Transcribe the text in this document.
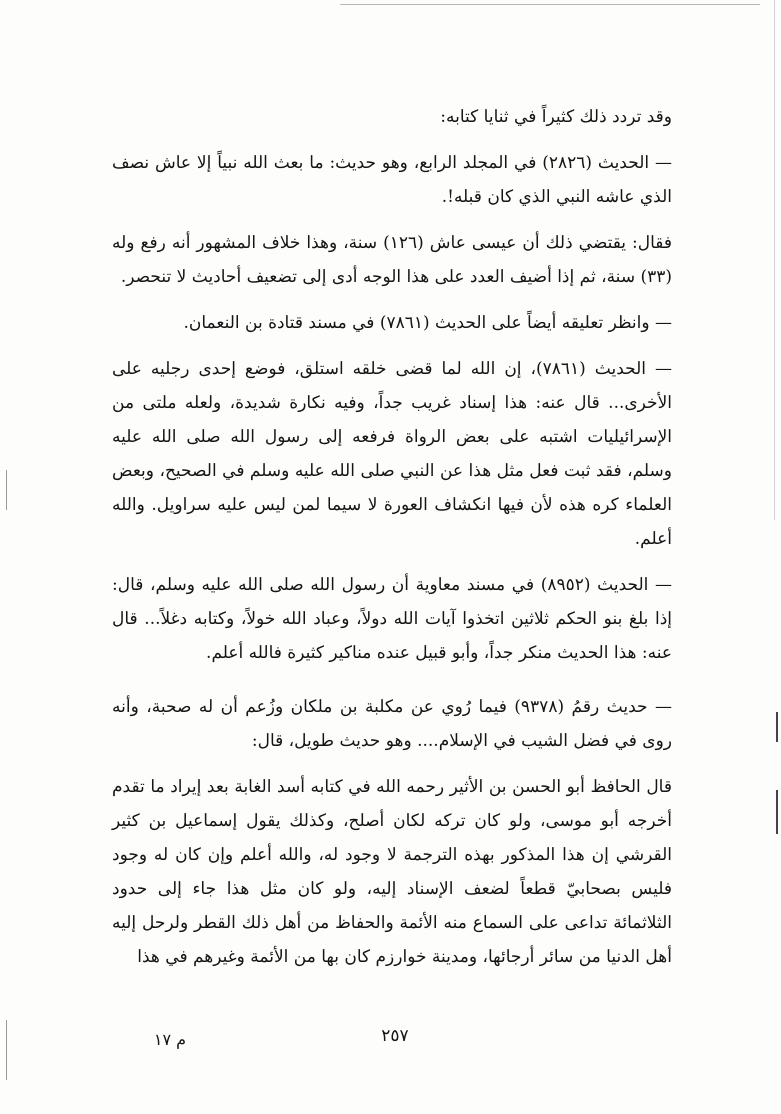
وقد تردد ذلك كثيراً في ثنايا كتابه:

— الحديث (٢٨٢٦) في المجلد الرابع، وهو حديث: ما بعث الله نبياً إلا عاش نصف الذي عاشه النبي الذي كان قبله!.

فقال: يقتضي ذلك أن عيسى عاش (١٢٦) سنة، وهذا خلاف المشهور أنه رفع وله (٣٣) سنة، ثم إذا أضيف العدد على هذا الوجه أدى إلى تضعيف أحاديث لا تنحصر.

— وانظر تعليقه أيضاً على الحديث (٧٨٦١) في مسند قتادة بن النعمان.

— الحديث (٧٨٦١)، إن الله لما قضى خلقه استلق، فوضع إحدى رجليه على الأخرى... قال عنه: هذا إسناد غريب جداً، وفيه نكارة شديدة، ولعله ملتى من الإسرائيليات اشتبه على بعض الرواة فرفعه إلى رسول الله صلى الله عليه وسلم، فقد ثبت فعل مثل هذا عن النبي صلى الله عليه وسلم في الصحيح، وبعض العلماء كره هذه لأن فيها انكشاف العورة لا سيما لمن ليس عليه سراويل. والله أعلم.

— الحديث (٨٩٥٢) في مسند معاوية أن رسول الله صلى الله عليه وسلم، قال: إذا بلغ بنو الحكم ثلاثين اتخذوا آيات الله دولاً، وعباد الله خولاً، وكتابه دغلاً... قال عنه: هذا الحديث منكر جداً، وأبو قبيل عنده مناكير كثيرة فالله أعلم.

— حديث رقمُ (٩٣٧٨) فيما رُوي عن مكلبة بن ملكان وزُعم أن له صحبة، وأنه روى في فضل الشيب في الإسلام.... وهو حديث طويل، قال:

قال الحافظ أبو الحسن بن الأثير رحمه الله في كتابه أسد الغابة بعد إيراد ما تقدم أخرجه أبو موسى، ولو كان تركه لكان أصلح، وكذلك يقول إسماعيل بن كثير القرشي إن هذا المذكور بهذه الترجمة لا وجود له، والله أعلم وإن كان له وجود فليس بصحابيّ قطعاً لضعف الإسناد إليه، ولو كان مثل هذا جاء إلى حدود الثلاثمائة تداعى على السماع منه الأئمة والحفاظ من أهل ذلك القطر ولرحل إليه أهل الدنيا من سائر أرجائها، ومدينة خوارزم كان بها من الأئمة وغيرهم في هذا

٢٥٧
م ١٧
